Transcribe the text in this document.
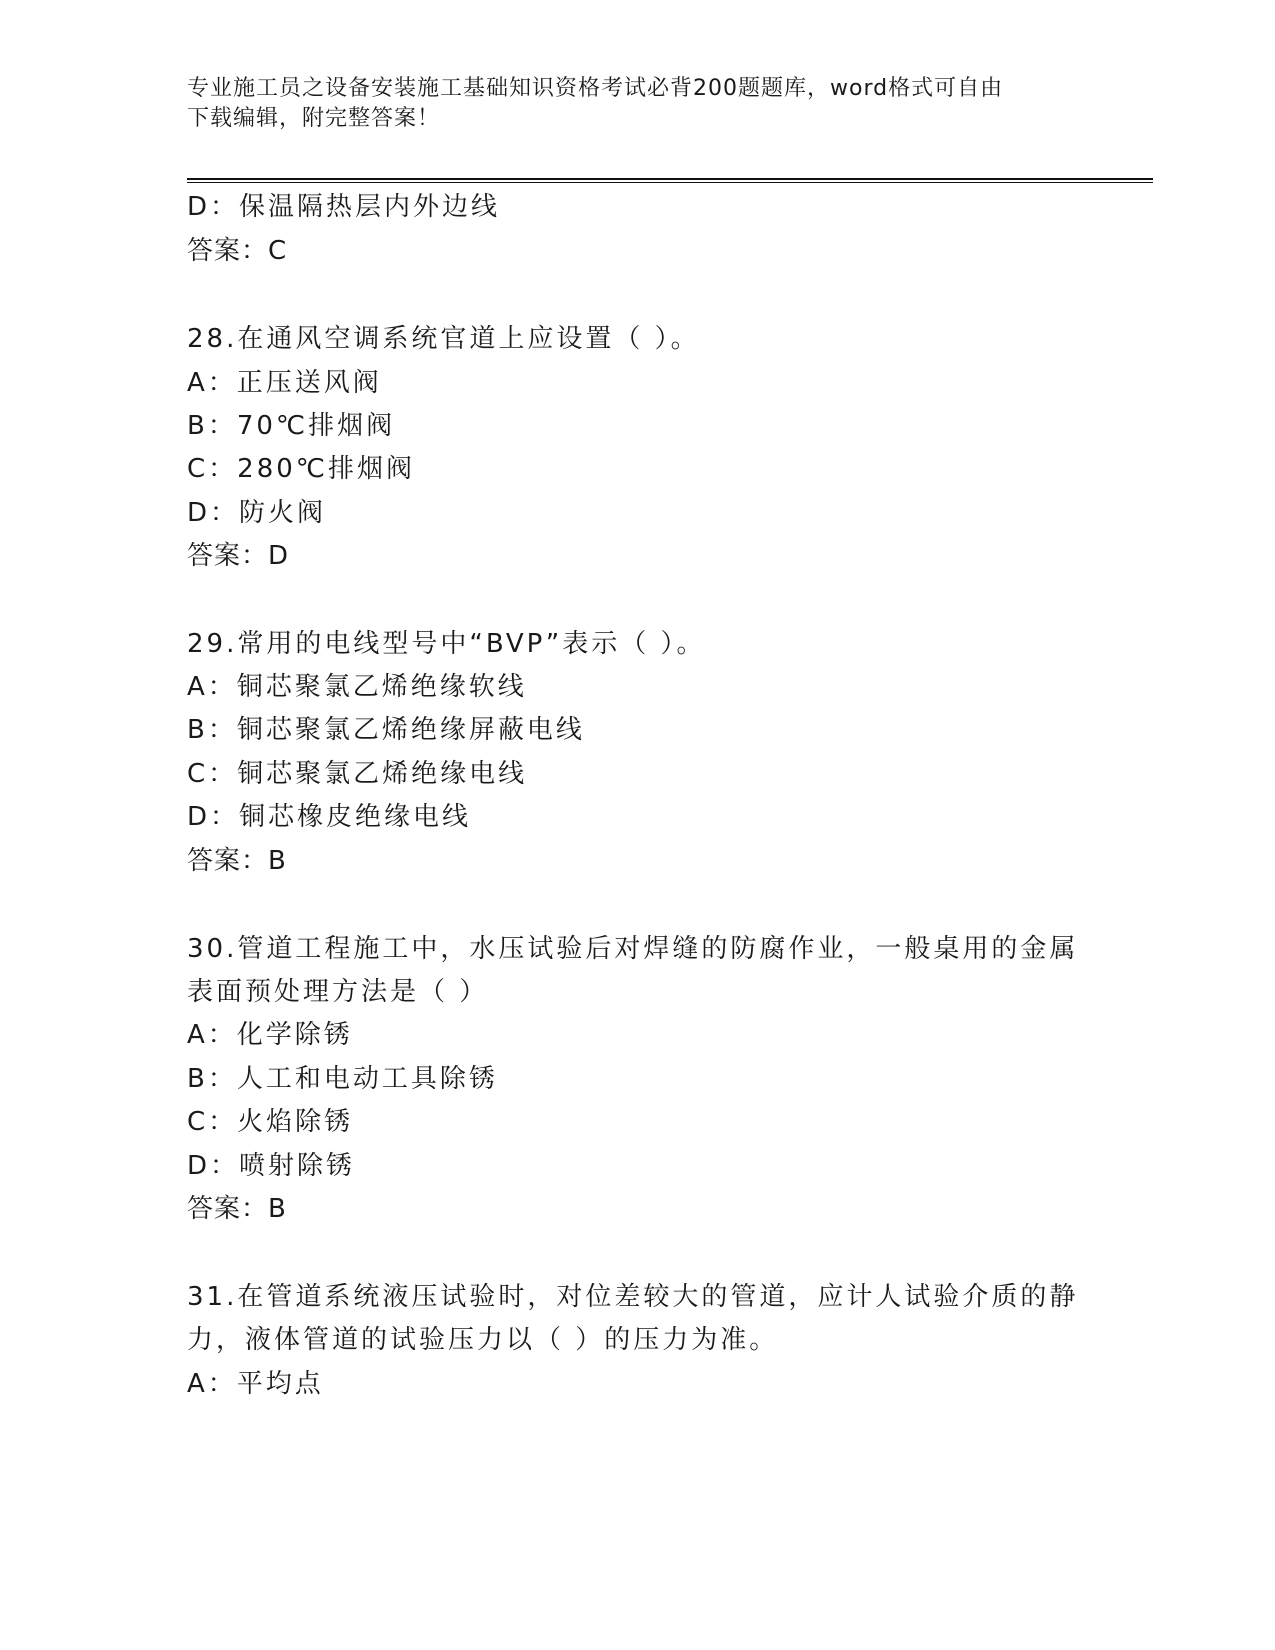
专业施工员之设备安装施工基础知识资格考试必背200题题库，word格式可自由
下载编辑，附完整答案！
D：保温隔热层内外边线
答案：C
28.在通风空调系统官道上应设置（ ）。
A：正压送风阀
B：70℃排烟阀
C：280℃排烟阀
D：防火阀
答案：D
29.常用的电线型号中“BVP”表示（ ）。
A：铜芯聚氯乙烯绝缘软线
B：铜芯聚氯乙烯绝缘屏蔽电线
C：铜芯聚氯乙烯绝缘电线
D：铜芯橡皮绝缘电线
答案：B
30.管道工程施工中，水压试验后对焊缝的防腐作业，一般桌用的金属
表面预处理方法是（ ）
A：化学除锈
B：人工和电动工具除锈
C：火焰除锈
D：喷射除锈
答案：B
31.在管道系统液压试验时，对位差较大的管道，应计人试验介质的静
力，液体管道的试验压力以（ ）的压力为准。
A：平均点
